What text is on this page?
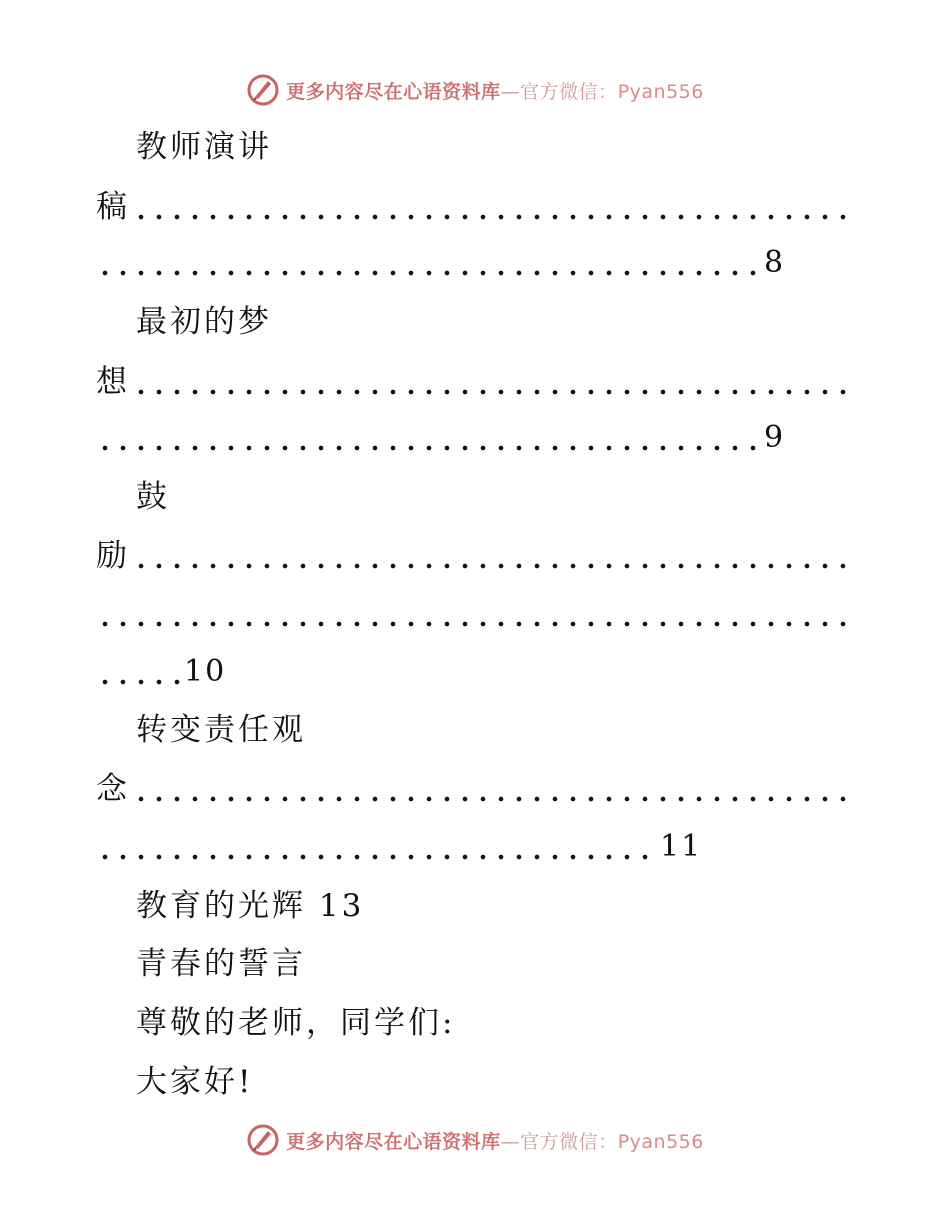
更多内容尽在心语资料库—官方微信：Pyan556
教师演讲
稿
8
最初的梦
想
9
鼓
励
10
转变责任观
念
11
教育的光辉 13
青春的誓言
尊敬的老师，同学们:
大家好!
更多内容尽在心语资料库—官方微信：Pyan556
